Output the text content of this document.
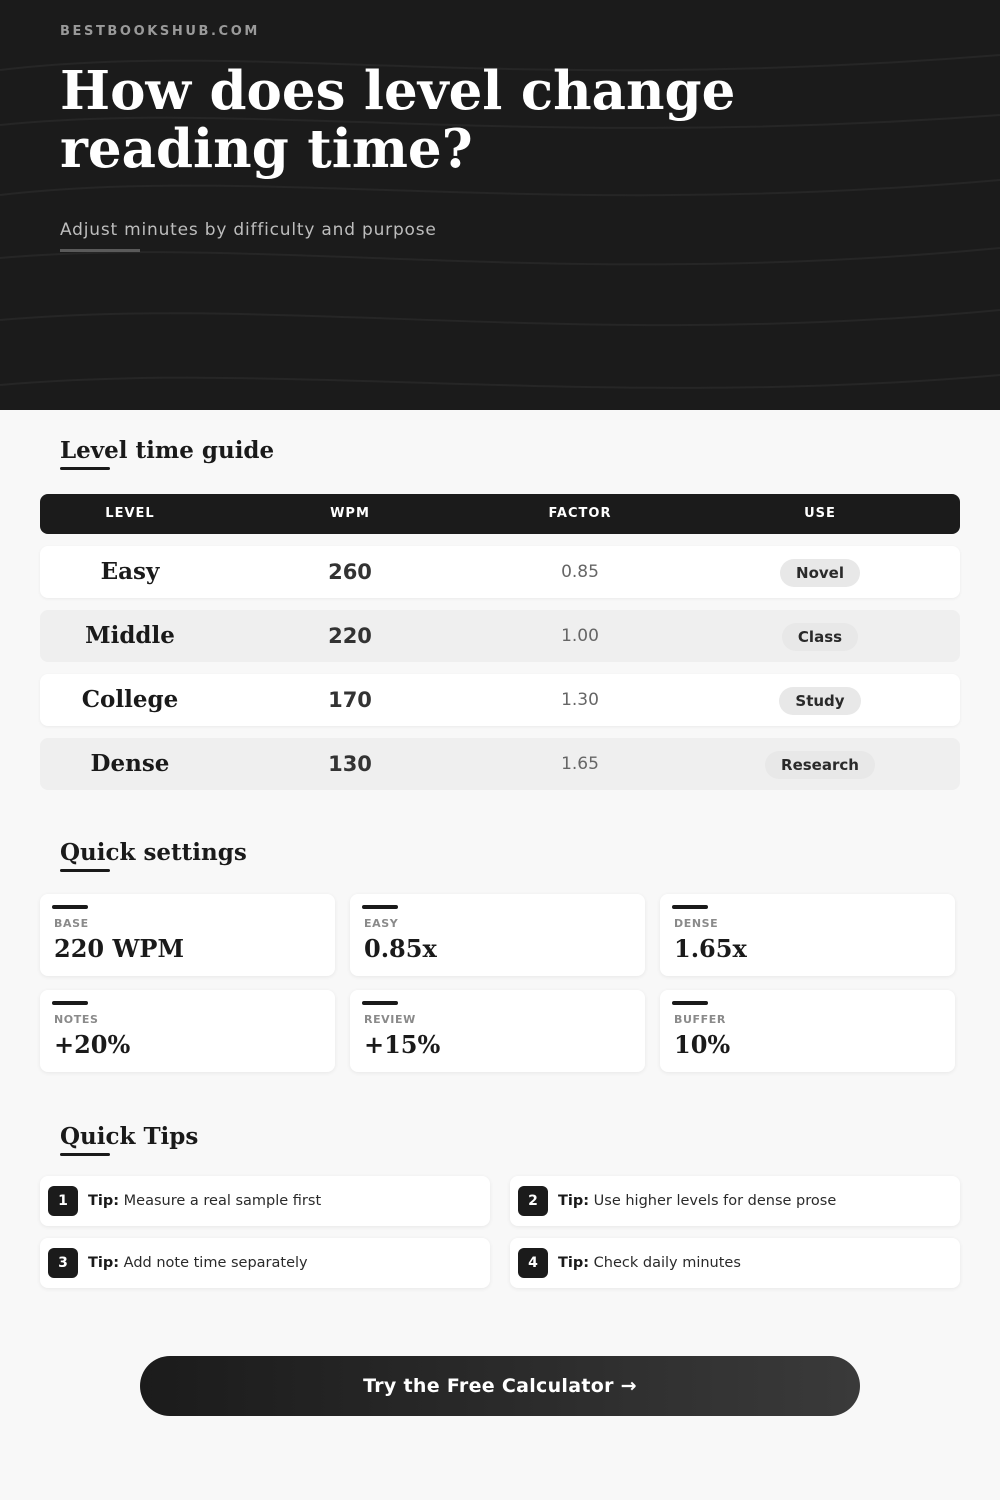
BESTBOOKSHUB.COM
How does level change reading time?
Adjust minutes by difficulty and purpose
Level time guide
LEVEL	WPM	FACTOR	USE
Easy	260	0.85	Novel
Middle	220	1.00	Class
College	170	1.30	Study
Dense	130	1.65	Research
Quick settings
BASE
220 WPM
EASY
0.85x
DENSE
1.65x
NOTES
+20%
REVIEW
+15%
BUFFER
10%
Quick Tips
1	Tip: Measure a real sample first	2	Tip: Use higher levels for dense prose
3	Tip: Add note time separately	4	Tip: Check daily minutes
Try the Free Calculator →
